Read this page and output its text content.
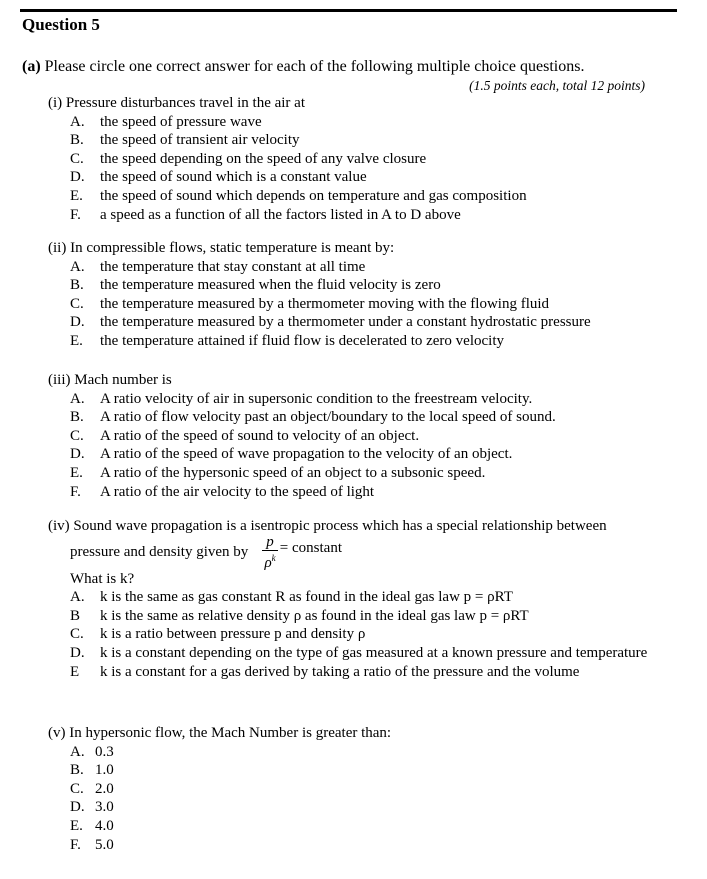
Question 5
(a) Please circle one correct answer for each of the following multiple choice questions.
(1.5 points each, total 12 points)
(i) Pressure disturbances travel in the air at
A.	the speed of pressure wave
B.	the speed of transient air velocity
C.	the speed depending on the speed of any valve closure
D.	the speed of sound which is a constant value
E.	the speed of sound which depends on temperature and gas composition
F.	a speed as a function of all the factors listed in A to D above
(ii) In compressible flows, static temperature is meant by:
A.	the temperature that stay constant at all time
B.	the temperature measured when the fluid velocity is zero
C.	the temperature measured by a thermometer moving with the flowing fluid
D.	the temperature measured by a thermometer under a constant hydrostatic pressure
E.	the temperature attained if fluid flow is decelerated to zero velocity
(iii) Mach number is
A.	A ratio velocity of air in supersonic condition to the freestream velocity.
B.	A ratio of flow velocity past an object/boundary to the local speed of sound.
C.	A ratio of the speed of sound to velocity of an object.
D.	A ratio of the speed of wave propagation to the velocity of an object.
E.	A ratio of the hypersonic speed of an object to a subsonic speed.
F.	A ratio of the air velocity to the speed of light
(iv) Sound wave propagation is a isentropic process which has a special relationship between
pressure and density given by $\frac{p}{\rho^k}$ = constant
What is k?
A.	k is the same as gas constant R as found in the ideal gas law p = ρRT
B	k is the same as relative density ρ as found in the ideal gas law p = ρRT
C.	k is a ratio between pressure p and density ρ
D.	k is a constant depending on the type of gas measured at a known pressure and temperature
E	k is a constant for a gas derived by taking a ratio of the pressure and the volume
(v) In hypersonic flow, the Mach Number is greater than:
A. 0.3
B. 1.0
C. 2.0
D. 3.0
E. 4.0
F. 5.0
